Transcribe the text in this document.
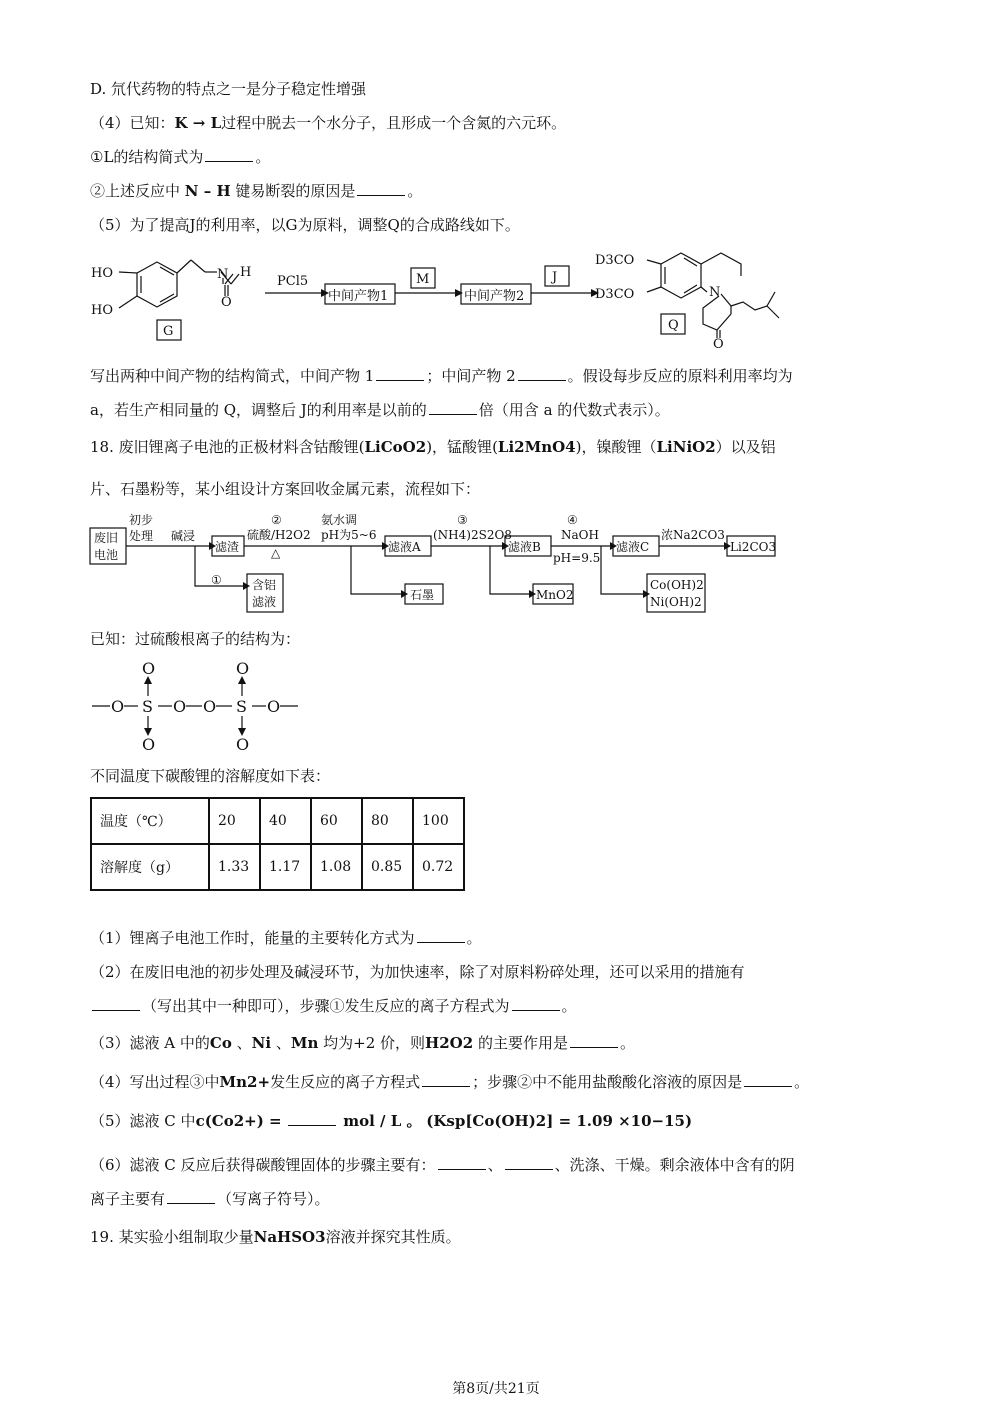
D. 氘代药物的特点之一是分子稳定性增强
（4）已知：K → L过程中脱去一个水分子，且形成一个含氮的六元环。
①L的结构简式为	。
②上述反应中 N – H 键易断裂的原因是	。
（5）为了提高J的利用率，以G为原料，调整Q的合成路线如下。
HO
HO
N H
O
G
PCl5
中间产物1	中间产物2
M	J
Q
D3CO
D3CO	N
O
写出两种中间产物的结构简式，中间产物 1	；中间产物 2	。假设每步反应的原料利用率均为
a，若生产相同量的 Q，调整后 J的利用率是以前的	倍（用含 a 的代数式表示）。
18. 废旧锂离子电池的正极材料含钴酸锂(LiCoO2)，锰酸锂(Li2MnO4)，镍酸锂（LiNiO2）以及铝
片、石墨粉等，某小组设计方案回收金属元素，流程如下：
废旧
电池
初步
处理 碱浸
滤渣
②
硫酸/H2O2
△
氨水调
pH为5~6
滤液A
③
(NH4)2S2O8
滤液B
④
NaOH
pH=9.5
滤液C
浓Na2CO3
Li2CO3
①	含铝
滤液	石墨	MnO2
Co(OH)2
Ni(OH)2
已知：过硫酸根离子的结构为：
O S O O S O
O
O
O
O
不同温度下碳酸锂的溶解度如下表：
温度（℃）	20	40	60	80	100
溶解度（g）	1.33	1.17	1.08	0.85	0.72
（1）锂离子电池工作时，能量的主要转化方式为	。
（2）在废旧电池的初步处理及碱浸环节，为加快速率，除了对原料粉碎处理，还可以采用的措施有
（写出其中一种即可），步骤①发生反应的离子方程式为	。
（3）滤液 A 中的Co 、Ni 、Mn 均为+2 价，则H2O2 的主要作用是	。
（4）写出过程③中Mn2+发生反应的离子方程式	；步骤②中不能用盐酸酸化溶液的原因是	。
（5）滤液 C 中c(Co2+) =	mol / L 。 (Ksp[Co(OH)2] = 1.09 ×10−15)
（6）滤液 C 反应后获得碳酸锂固体的步骤主要有：	、	、洗涤、干燥。剩余液体中含有的阴
离子主要有	（写离子符号）。
19. 某实验小组制取少量NaHSO3溶液并探究其性质。
第8页/共21页
